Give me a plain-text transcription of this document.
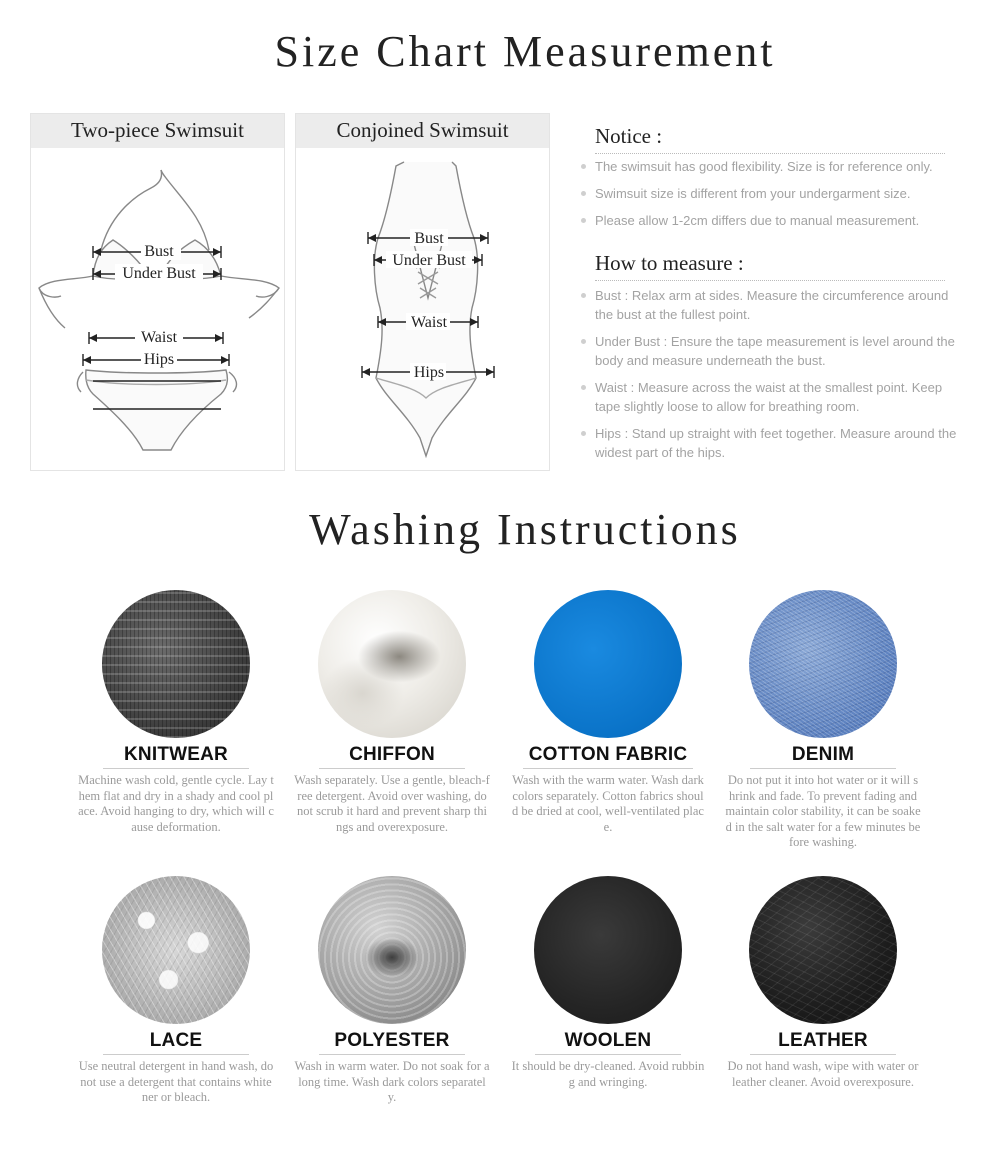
Size Chart Measurement
Two-piece Swimsuit
Bust
Under Bust
Waist
Hips
Conjoined Swimsuit
Bust
Under Bust
Waist
Hips
Notice :
The swimsuit has good flexibility. Size is for reference only.
Swimsuit size is different from your undergarment size.
Please allow 1-2cm differs due to manual measurement.
How to measure :
Bust : Relax arm at sides. Measure the circumference around the bust at the fullest point.
Under Bust : Ensure the tape measurement is level around the body and measure underneath the bust.
Waist : Measure across the waist at the smallest point. Keep tape slightly loose to allow for breathing room.
Hips : Stand up straight with feet together. Measure around the widest part of the hips.
Washing Instructions
KNITWEAR
Machine wash cold, gentle cycle. Lay them flat and dry in a shady and cool place. Avoid hanging to dry, which will cause deformation.
CHIFFON
Wash separately. Use a gentle, bleach-free detergent. Avoid over washing, do not scrub it hard and prevent sharp things and overexposure.
COTTON FABRIC
Wash with the warm water. Wash dark colors separately. Cotton fabrics should be dried at cool, well-ventilated place.
DENIM
Do not put it into hot water or it will shrink and fade. To prevent fading and maintain color stability, it can be soaked in the salt water for a few minutes before washing.
LACE
Use neutral detergent in hand wash, do not use a detergent that contains whitener or bleach.
POLYESTER
Wash in warm water. Do not soak for a long time. Wash dark colors separately.
WOOLEN
It should be dry-cleaned. Avoid rubbing and wringing.
LEATHER
Do not hand wash, wipe with water or leather cleaner. Avoid overexposure.
